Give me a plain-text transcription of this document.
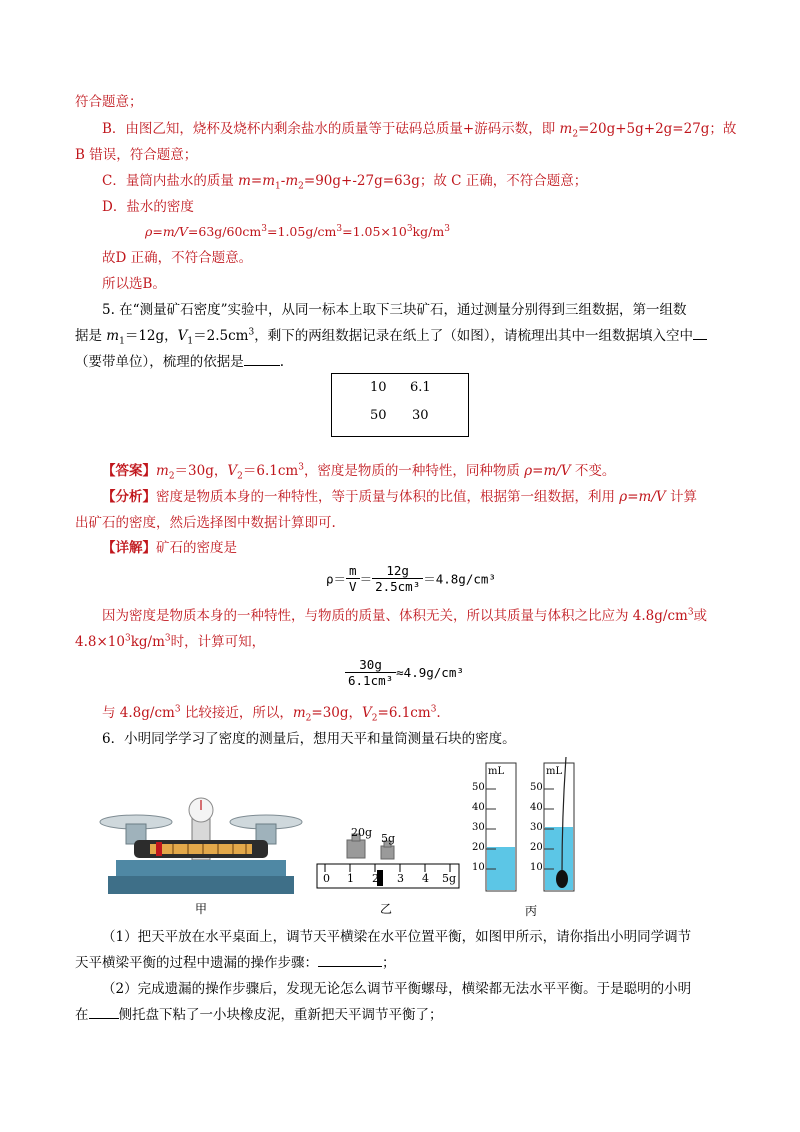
符合题意；
B．由图乙知，烧杯及烧杯内剩余盐水的质量等于砝码总质量+游码示数，即 $m_2=20g+5g+2g=27g$；故
B 错误，符合题意；
C．量筒内盐水的质量 $m=m_1-m_2=90g+-27g=63g$；故 C 正确，不符合题意；
D．盐水的密度
$\rho=m/V=63g/60cm^3=1.05g/cm^3=1.05\times 10^3kg/m^3$
故D 正确，不符合题意。
所以选B。
5. 在“测量矿石密度”实验中，从同一标本上取下三块矿石，通过测量分别得到三组数据，第一组数
据是 $m_1=12g$，$V_1=2.5cm^3$，剩下的两组数据记录在纸上了（如图），请梳理出其中一组数据填入空中
（要带单位），梳理的依据是	.
10 6.1
50 30
【答案】$m_2=30g$，$V_2=6.1cm^3$，密度是物质的一种特性，同种物质 ρ=m/V 不变。
【分析】密度是物质本身的一种特性，等于质量与体积的比值，根据第一组数据，利用 ρ=m/V 计算
出矿石的密度，然后选择图中数据计算即可.
【详解】矿石的密度是
$\rho= \frac{m}{V} = \frac{12g}{\text{2.5cm³}} =4.8g/cm^3$
因为密度是物质本身的一种特性，与物质的质量、体积无关，所以其质量与体积之比应为 $4.8g/cm^3$或
$4.8\times 10^3kg/m^3$时，计算可知，
$\frac{30g}{\text{6.1cm³}} \approx 4.9g/cm^3$
与 $4.8g/cm^3$ 比较接近，所以，$m_2=30g$，$V_2=6.1cm^3$.
6．小明同学学习了密度的测量后，想用天平和量筒测量石块的密度。
甲
20g 5g
0 1 2 3 4 5g
乙
mL	mL
50
40
30
20
10
50
40
30
20
10
丙
（1）把天平放在水平桌面上，调节天平横梁在水平位置平衡，如图甲所示，请你指出小明同学调节
天平横梁平衡的过程中遗漏的操作步骤：	；
（2）完成遗漏的操作步骤后，发现无论怎么调节平衡螺母，横梁都无法水平平衡。于是聪明的小明
在 侧托盘下粘了一小块橡皮泥，重新把天平调节平衡了；
